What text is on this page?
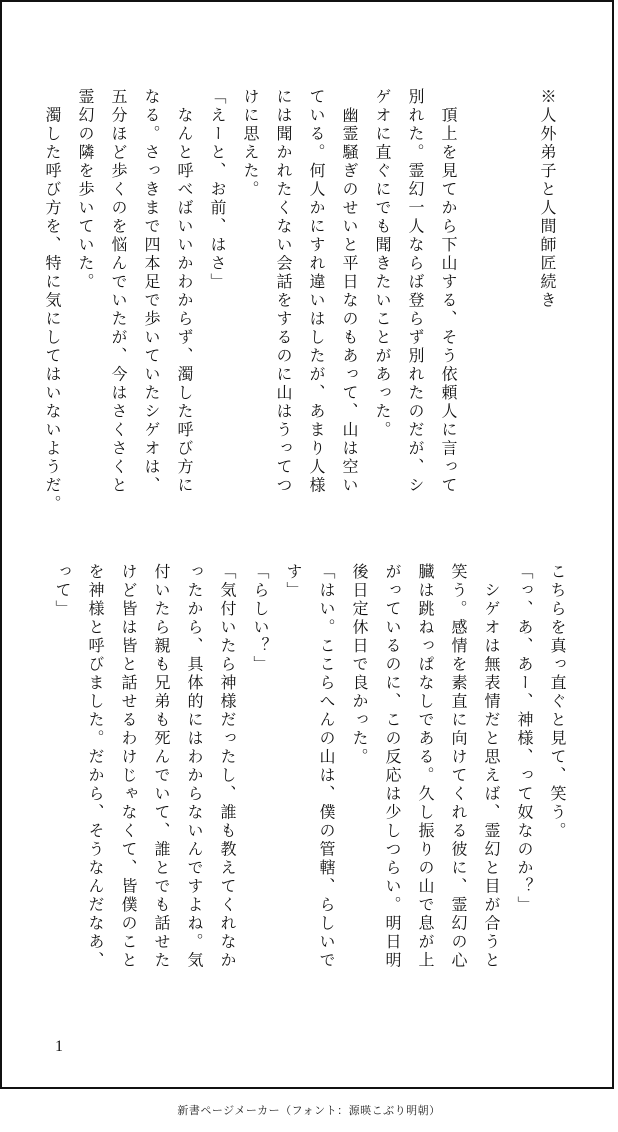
※人外弟子と人間師匠続き

　頂上を見てから下山する、そう依頼人に言って
別れた。霊幻一人ならば登らず別れたのだが、シ
ゲオに直ぐにでも聞きたいことがあった。
　幽霊騒ぎのせいと平日なのもあって、山は空い
ている。何人かにすれ違いはしたが、あまり人様
には聞かれたくない会話をするのに山はうってつ
けに思えた。
「えーと、お前、はさ」
　なんと呼べばいいかわからず、濁した呼び方に
なる。さっきまで四本足で歩いていたシゲオは、
五分ほど歩くのを悩んでいたが、今はさくさくと
霊幻の隣を歩いていた。
　濁した呼び方を、特に気にしてはいないようだ。
こちらを真っ直ぐと見て、笑う。
「っ、あ、あー、神様、って奴なのか？」
　シゲオは無表情だと思えば、霊幻と目が合うと
笑う。感情を素直に向けてくれる彼に、霊幻の心
臓は跳ねっぱなしである。久し振りの山で息が上
がっているのに、この反応は少しつらい。明日明
後日定休日で良かった。
「はい。ここらへんの山は、僕の管轄、らしいで
す」
「らしい？」
「気付いたら神様だったし、誰も教えてくれなか
ったから、具体的にはわからないんですよね。気
付いたら親も兄弟も死んでいて、誰とでも話せた
けど皆は皆と話せるわけじゃなくて、皆僕のこと
を神様と呼びました。だから、そうなんだなあ、
って」
1
新書ページメーカー（フォント：源暎こぶり明朝）
